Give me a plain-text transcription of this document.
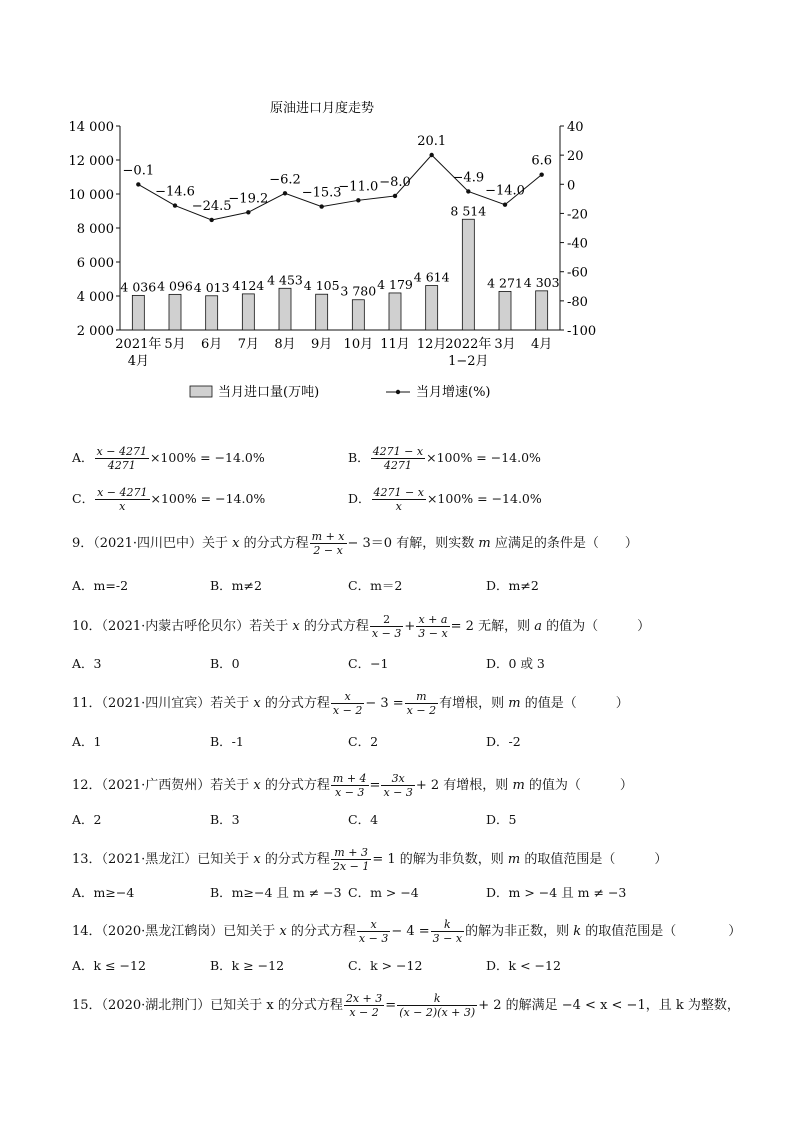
原油进口月度走势
2 000
4 000
6 000
8 000
10 000
12 000
14 000	40
20
0
-20
-40
-60
-80
-100
4 036 4 096 4 013 4124 4 453 4 105 3 780 4 179 4 614
8 514
4 271 4 303
−0.1
−14.6
−24.5
−19.2
−6.2
−15.3
−11.0 −8.0
20.1
−4.9
−14.0
6.6
2021年
4月
5月 6月 7月 8月 9月 10月 11月 12月
2022年
1−2月
3月 4月
当月进口量(万吨)	当月增速(%)
A． $\frac{x - 4271}{4271} \times 100\% = -14.0\%$	B． $\frac{4271 - x}{4271} \times 100\% = -14.0\%$
C． $\frac{x - 4271}{x} \times 100\% = -14.0\%$	D． $\frac{4271 - x}{x} \times 100\% = -14.0\%$
9．（2021·四川巴中）关于 x 的分式方程 $\frac{m + x}{2 - x} - 3=0$ 有解，则实数 m 应满足的条件是（　　）
A．m=-2	B．m≠2	C．m＝2	D．m≠2
10．（2021·内蒙古呼伦贝尔）若关于 x 的分式方程 $\frac{2}{x - 3} + \frac{x + a}{3 - x} = 2$ 无解，则 a 的值为（　　　）
A．3	B．0	C．−1	D．0 或 3
11．（2021·四川宜宾）若关于 x 的分式方程 $\frac{x}{x - 2} - 3 = \frac{m}{x - 2}$ 有增根，则 m 的值是（　　　）
A．1	B．-1	C．2	D．-2
12．（2021·广西贺州）若关于 x 的分式方程 $\frac{m + 4}{x - 3} = \frac{3x}{x - 3} + 2$ 有增根，则 m 的值为（　　　）
A．2	B．3	C．4	D．5
13．（2021·黑龙江）已知关于 x 的分式方程 $\frac{m + 3}{2x - 1} = 1$ 的解为非负数，则 m 的取值范围是（　　　）
A．m≥−4	B．m≥−4 且 m ≠ −3 C．m > −4	D．m > −4 且 m ≠ −3
14．（2020·黑龙江鹤岗）已知关于 x 的分式方程 $\frac{x}{x - 3} - 4 = \frac{k}{3 - x}$ 的解为非正数，则 k 的取值范围是（　　　　）
A．k ≤ −12	B．k ≥ −12	C．k > −12	D．k < −12
15．（2020·湖北荆门）已知关于 x 的分式方程 $\frac{2x + 3}{x - 2} = \frac{k}{(x - 2)(x + 3)} + 2$ 的解满足 −4 < x < −1，且 k 为整数，
